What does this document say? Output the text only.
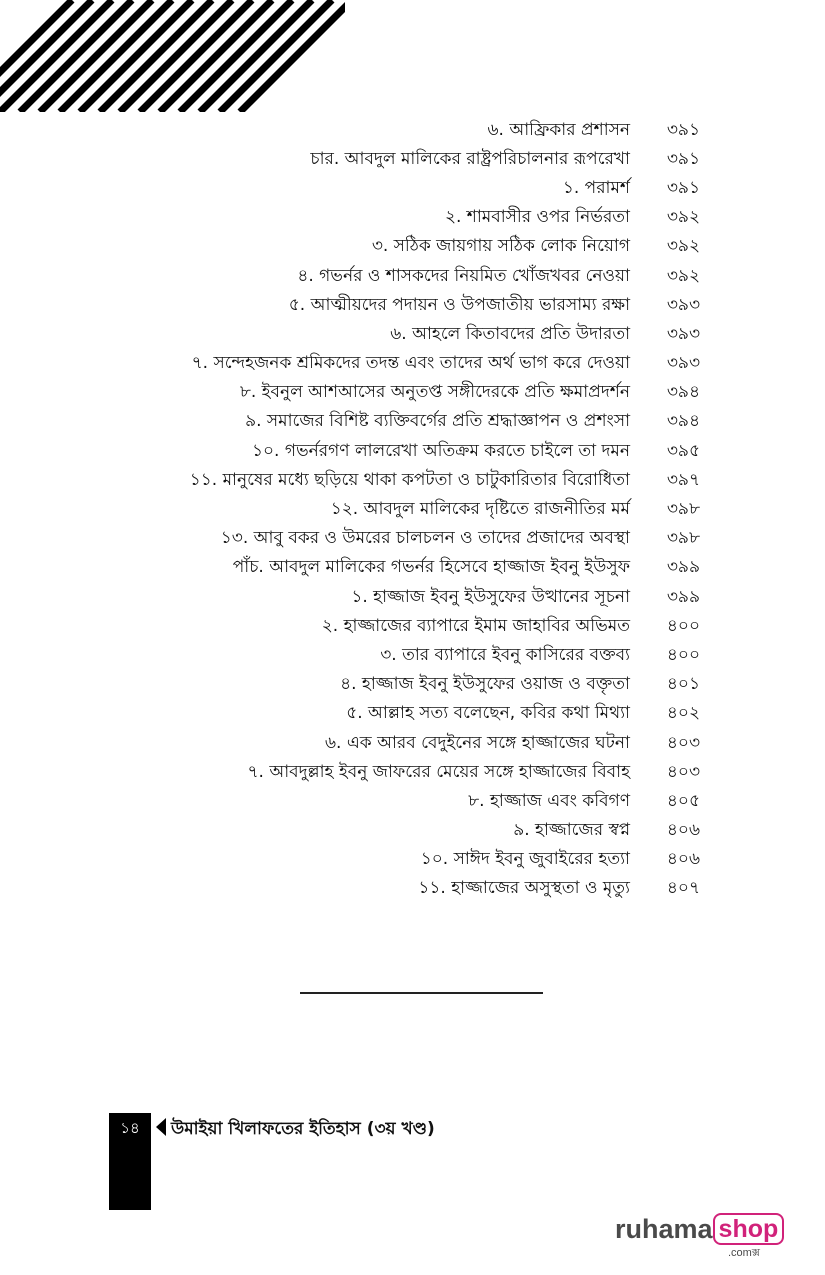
৬. আফ্রিকার প্রশাসন	৩৯১
চার. আবদুল মালিকের রাষ্ট্রপরিচালনার রূপরেখা	৩৯১
১. পরামর্শ	৩৯১
২. শামবাসীর ওপর নির্ভরতা	৩৯২
৩. সঠিক জায়গায় সঠিক লোক নিয়োগ	৩৯২
৪. গভর্নর ও শাসকদের নিয়মিত খোঁজখবর নেওয়া	৩৯২
৫. আত্মীয়দের পদায়ন ও উপজাতীয় ভারসাম্য রক্ষা	৩৯৩
৬. আহলে কিতাবদের প্রতি উদারতা	৩৯৩
৭. সন্দেহজনক শ্রমিকদের তদন্ত এবং তাদের অর্থ ভাগ করে দেওয়া	৩৯৩
৮. ইবনুল আশআসের অনুতপ্ত সঙ্গীদেরকে প্রতি ক্ষমাপ্রদর্শন	৩৯৪
৯. সমাজের বিশিষ্ট ব্যক্তিবর্গের প্রতি শ্রদ্ধাজ্ঞাপন ও প্রশংসা	৩৯৪
১০. গভর্নরগণ লালরেখা অতিক্রম করতে চাইলে তা দমন	৩৯৫
১১. মানুষের মধ্যে ছড়িয়ে থাকা কপটতা ও চাটুকারিতার বিরোধিতা	৩৯৭
১২. আবদুল মালিকের দৃষ্টিতে রাজনীতির মর্ম	৩৯৮
১৩. আবু বকর ও উমরের চালচলন ও তাদের প্রজাদের অবস্থা	৩৯৮
পাঁচ. আবদুল মালিকের গভর্নর হিসেবে হাজ্জাজ ইবনু ইউসুফ	৩৯৯
১. হাজ্জাজ ইবনু ইউসুফের উত্থানের সূচনা	৩৯৯
২. হাজ্জাজের ব্যাপারে ইমাম জাহাবির অভিমত	৪০০
৩. তার ব্যাপারে ইবনু কাসিরের বক্তব্য	৪০০
৪. হাজ্জাজ ইবনু ইউসুফের ওয়াজ ও বক্তৃতা	৪০১
৫. আল্লাহ সত্য বলেছেন, কবির কথা মিথ্যা	৪০২
৬. এক আরব বেদুইনের সঙ্গে হাজ্জাজের ঘটনা	৪০৩
৭. আবদুল্লাহ ইবনু জাফরের মেয়ের সঙ্গে হাজ্জাজের বিবাহ	৪০৩
৮. হাজ্জাজ এবং কবিগণ	৪০৫
৯. হাজ্জাজের স্বপ্ন	৪০৬
১০. সাঈদ ইবনু জুবাইরের হত্যা	৪০৬
১১. হাজ্জাজের অসুস্থতা ও মৃত্যু	৪০৭
১৪	উমাইয়া খিলাফতের ইতিহাস (৩য় খণ্ড)
ruhama shop
.comক্স
